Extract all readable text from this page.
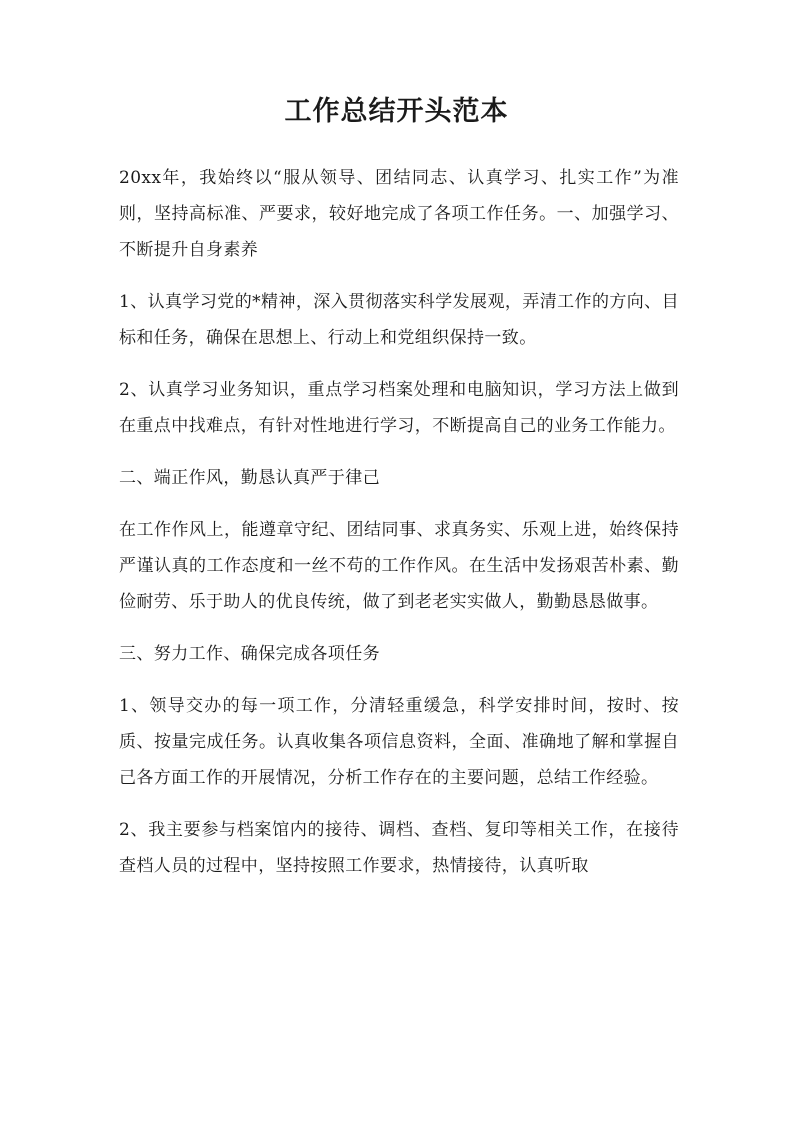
工作总结开头范本

20xx年，我始终以“服从领导、团结同志、认真学习、扎实工作”为准则，坚持高标准、严要求，较好地完成了各项工作任务。一、加强学习、不断提升自身素养

1、认真学习党的*精神，深入贯彻落实科学发展观，弄清工作的方向、目标和任务，确保在思想上、行动上和党组织保持一致。

2、认真学习业务知识，重点学习档案处理和电脑知识，学习方法上做到在重点中找难点，有针对性地进行学习，不断提高自己的业务工作能力。

二、端正作风，勤恳认真严于律己

在工作作风上，能遵章守纪、团结同事、求真务实、乐观上进，始终保持严谨认真的工作态度和一丝不苟的工作作风。在生活中发扬艰苦朴素、勤俭耐劳、乐于助人的优良传统，做了到老老实实做人，勤勤恳恳做事。

三、努力工作、确保完成各项任务

1、领导交办的每一项工作，分清轻重缓急，科学安排时间，按时、按质、按量完成任务。认真收集各项信息资料，全面、准确地了解和掌握自己各方面工作的开展情况，分析工作存在的主要问题，总结工作经验。

2、我主要参与档案馆内的接待、调档、查档、复印等相关工作，在接待查档人员的过程中，坚持按照工作要求，热情接待，认真听取
